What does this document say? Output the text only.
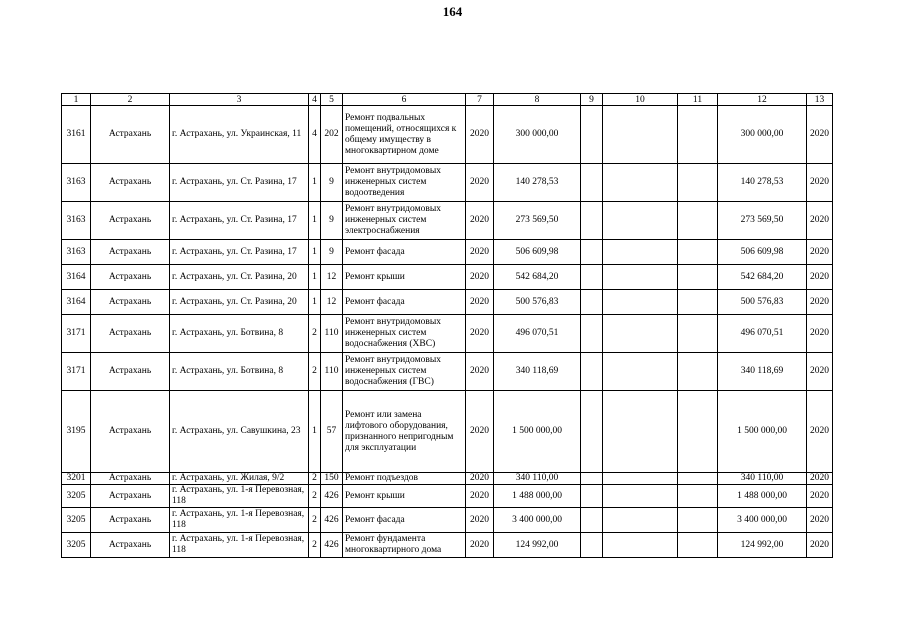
164
1	2	3	4	5	6	7	8	9	10	11	12	13
3161	Астрахань	г. Астрахань, ул. Украинская, 11	4	202	Ремонт подвальных помещений, относящихся к общему имуществу в многоквартирном доме	2020	300 000,00				300 000,00	2020
3163	Астрахань	г. Астрахань, ул. Ст. Разина, 17	1	9	Ремонт внутридомовых инженерных систем водоотведения	2020	140 278,53				140 278,53	2020
3163	Астрахань	г. Астрахань, ул. Ст. Разина, 17	1	9	Ремонт внутридомовых инженерных систем электроснабжения	2020	273 569,50				273 569,50	2020
3163	Астрахань	г. Астрахань, ул. Ст. Разина, 17	1	9	Ремонт фасада	2020	506 609,98				506 609,98	2020
3164	Астрахань	г. Астрахань, ул. Ст. Разина, 20	1	12	Ремонт крыши	2020	542 684,20				542 684,20	2020
3164	Астрахань	г. Астрахань, ул. Ст. Разина, 20	1	12	Ремонт фасада	2020	500 576,83				500 576,83	2020
3171	Астрахань	г. Астрахань, ул. Ботвина, 8	2	110	Ремонт внутридомовых инженерных систем водоснабжения (ХВС)	2020	496 070,51				496 070,51	2020
3171	Астрахань	г. Астрахань, ул. Ботвина, 8	2	110	Ремонт внутридомовых инженерных систем водоснабжения (ГВС)	2020	340 118,69				340 118,69	2020
3195	Астрахань	г. Астрахань, ул. Савушкина, 23	1	57	Ремонт или замена лифтового оборудования, признанного непригодным для эксплуатации	2020	1 500 000,00				1 500 000,00	2020
3201	Астрахань	г. Астрахань, ул. Жилая, 9/2	2	150	Ремонт подъездов	2020	340 110,00				340 110,00	2020
3205	Астрахань	г. Астрахань, ул. 1-я Перевозная, 118	2	426	Ремонт крыши	2020	1 488 000,00				1 488 000,00	2020
3205	Астрахань	г. Астрахань, ул. 1-я Перевозная, 118	2	426	Ремонт фасада	2020	3 400 000,00				3 400 000,00	2020
3205	Астрахань	г. Астрахань, ул. 1-я Перевозная, 118	2	426	Ремонт фундамента многоквартирного дома	2020	124 992,00				124 992,00	2020
